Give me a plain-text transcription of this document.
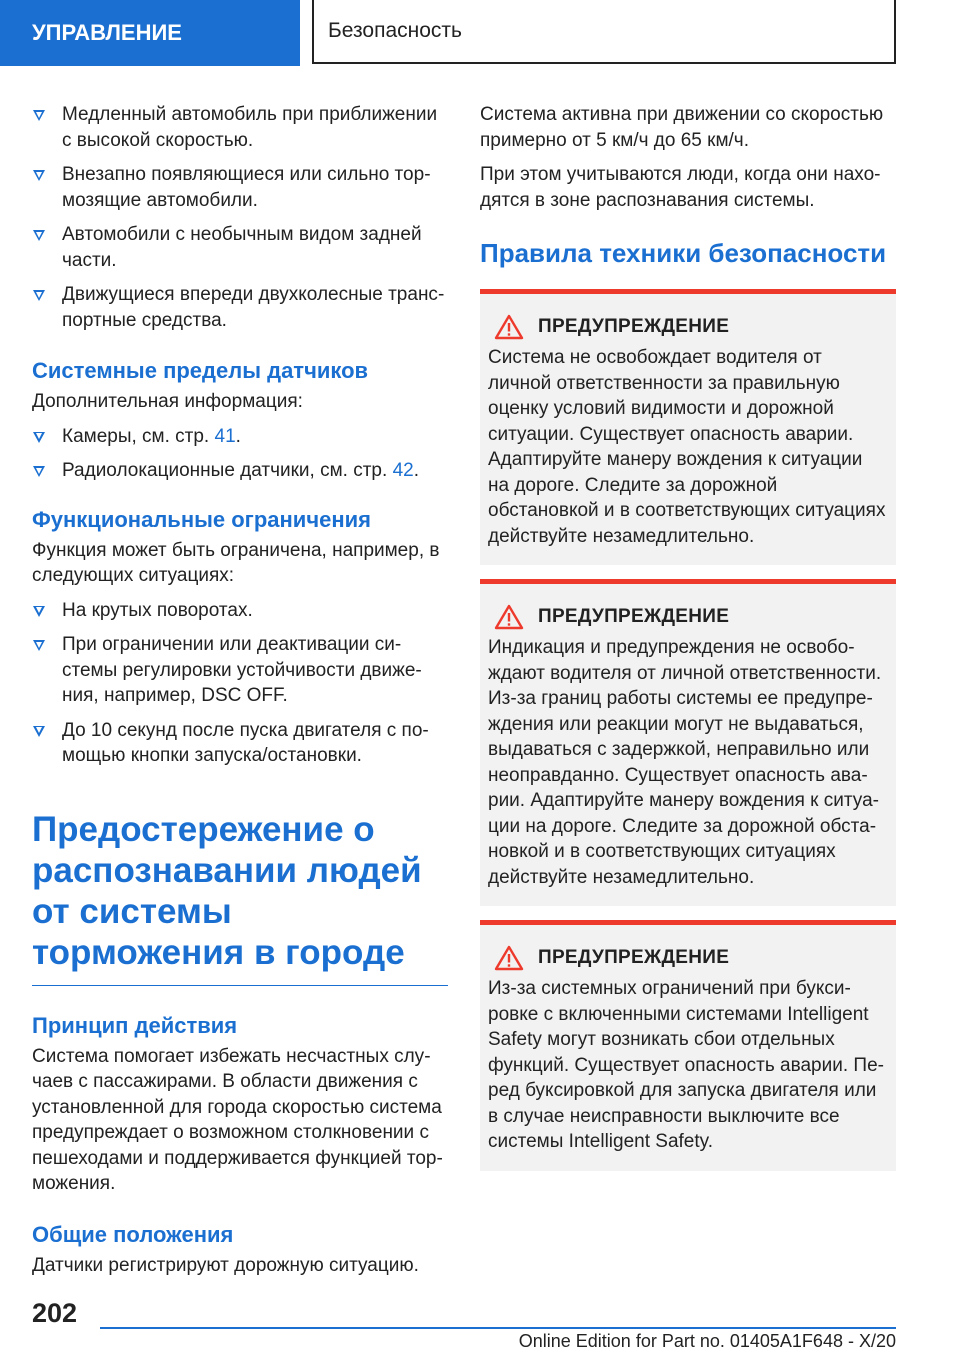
УПРАВЛЕНИЕ	Безопасность
Медленный автомобиль при приближении с высокой скоростью.
Внезапно появляющиеся или сильно тормозящие автомобили.
Автомобили с необычным видом задней части.
Движущиеся впереди двухколесные транспортные средства.
Системные пределы датчиков

Дополнительная информация:

Камеры, см. стр. 41.
Радиолокационные датчики, см. стр. 42.
Функциональные ограничения

Функция может быть ограничена, например, в следующих ситуациях:

На крутых поворотах.
При ограничении или деактивации системы регулировки устойчивости движения, например, DSC OFF.
До 10 секунд после пуска двигателя с помощью кнопки запуска/остановки.
Предостережение о распознавании людей от системы торможения в городе
Принцип действия

Система помогает избежать несчастных случаев с пассажирами. В области движения с установленной для города скоростью система предупреждает о возможном столкновении с пешеходами и поддерживается функцией торможения.

Общие положения

Датчики регистрируют дорожную ситуацию.

Система активна при движении со скоростью примерно от 5 км/ч до 65 км/ч.

При этом учитываются люди, когда они находятся в зоне распознавания системы.

Правила техники безопасности
ПРЕДУПРЕЖДЕНИЕ

Система не освобождает водителя от личной ответственности за правильную оценку условий видимости и дорожной ситуации. Существует опасность аварии. Адаптируйте манеру вождения к ситуации на дороге. Следите за дорожной обстановкой и в соответствующих ситуациях действуйте незамедлительно.

ПРЕДУПРЕЖДЕНИЕ

Индикация и предупреждения не освобождают водителя от личной ответственности. Из-за границ работы системы ее предупреждения или реакции могут не выдаваться, выдаваться с задержкой, неправильно или неоправданно. Существует опасность аварии. Адаптируйте манеру вождения к ситуации на дороге. Следите за дорожной обстановкой и в соответствующих ситуациях действуйте незамедлительно.

ПРЕДУПРЕЖДЕНИЕ

Из-за системных ограничений при буксировке с включенными системами Intelligent Safety могут возникать сбои отдельных функций. Существует опасность аварии. Перед буксировкой для запуска двигателя или в случае неисправности выключите все системы Intelligent Safety.

202
Online Edition for Part no. 01405A1F648 - X/20
